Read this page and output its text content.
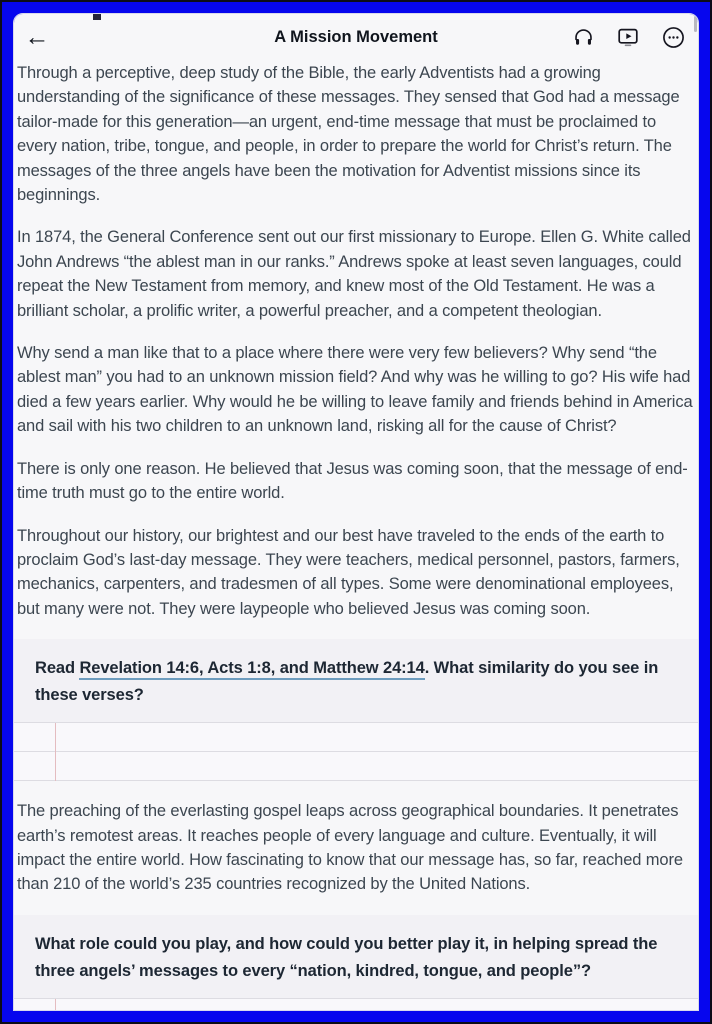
←	A Mission Movement

Through a perceptive, deep study of the Bible, the early Adventists had a growing understanding of the significance of these messages. They sensed that God had a message tailor-made for this generation—an urgent, end-time message that must be proclaimed to every nation, tribe, tongue, and people, in order to prepare the world for Christ’s return. The messages of the three angels have been the motivation for Adventist missions since its beginnings.

In 1874, the General Conference sent out our first missionary to Europe. Ellen G. White called John Andrews “the ablest man in our ranks.” Andrews spoke at least seven languages, could repeat the New Testament from memory, and knew most of the Old Testament. He was a brilliant scholar, a prolific writer, a powerful preacher, and a competent theologian.

Why send a man like that to a place where there were very few believers? Why send “the ablest man” you had to an unknown mission field? And why was he willing to go? His wife had died a few years earlier. Why would he be willing to leave family and friends behind in America and sail with his two children to an unknown land, risking all for the cause of Christ?

There is only one reason. He believed that Jesus was coming soon, that the message of end-time truth must go to the entire world.

Throughout our history, our brightest and our best have traveled to the ends of the earth to proclaim God’s last-day message. They were teachers, medical personnel, pastors, farmers, mechanics, carpenters, and tradesmen of all types. Some were denominational employees, but many were not. They were laypeople who believed Jesus was coming soon.

Read Revelation 14:6, Acts 1:8, and Matthew 24:14. What similarity do you see in these verses?

The preaching of the everlasting gospel leaps across geographical boundaries. It penetrates earth’s remotest areas. It reaches people of every language and culture. Eventually, it will impact the entire world. How fascinating to know that our message has, so far, reached more than 210 of the world’s 235 countries recognized by the United Nations.

What role could you play, and how could you better play it, in helping spread the three angels’ messages to every “nation, kindred, tongue, and people”?
